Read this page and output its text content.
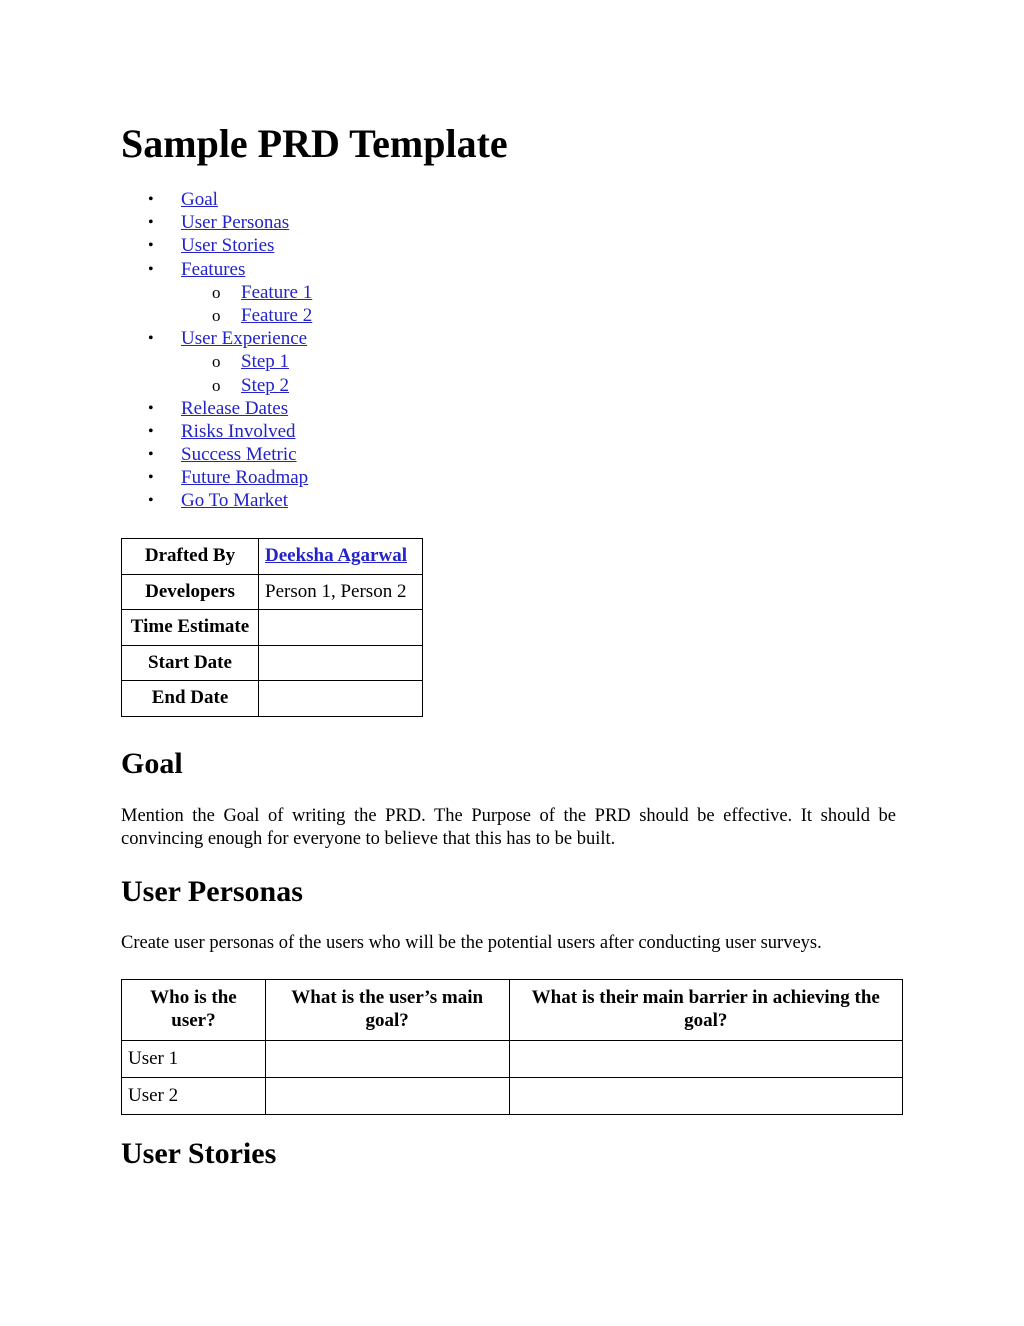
Sample PRD Template
• Goal
• User Personas
• User Stories
• Features
o Feature 1
o Feature 2
• User Experience
o Step 1
o Step 2
• Release Dates
• Risks Involved
• Success Metric
• Future Roadmap
• Go To Market
Drafted By	Deeksha Agarwal
Developers	Person 1, Person 2
Time Estimate	
Start Date	
End Date	
Goal

Mention the Goal of writing the PRD. The Purpose of the PRD should be effective. It should be convincing enough for everyone to believe that this has to be built.

User Personas

Create user personas of the users who will be the potential users after conducting user surveys.

Who is the user?	What is the user’s main goal?	What is their main barrier in achieving the goal?
User 1		
User 2		
User Stories
